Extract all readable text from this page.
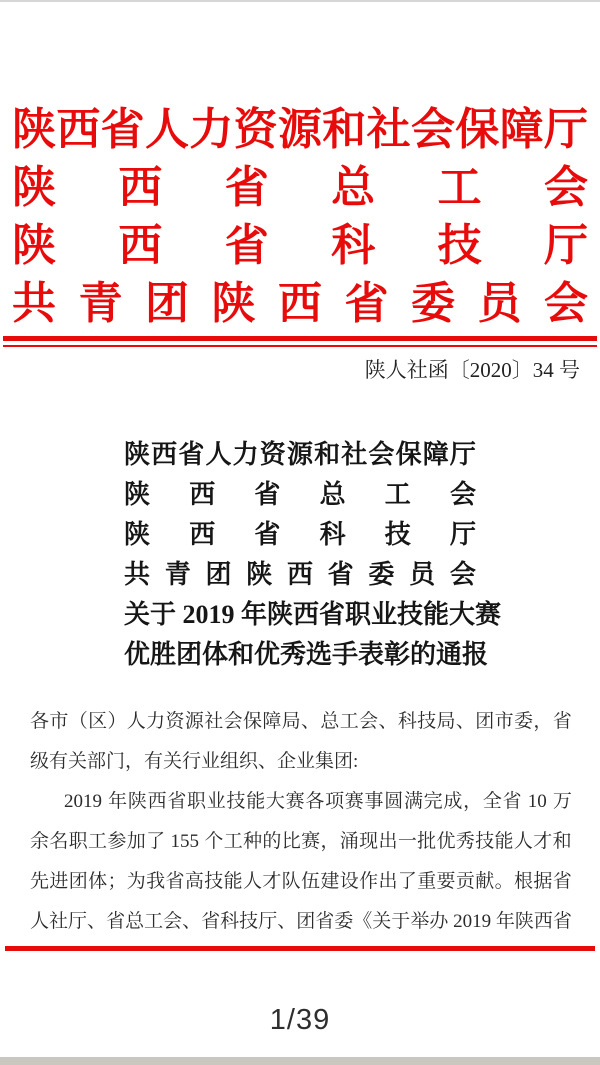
陕 西 省 人 力 资 源 和 社 会 保 障 厅
陕 西 省 总 工 会
陕 西 省 科 技 厅
共 青 团 陕 西 省 委 员 会
陕人社函〔2020〕34 号
陕 西 省 人 力 资 源 和 社 会 保 障 厅
陕 西 省 总 工 会
陕 西 省 科 技 厅
共 青 团 陕 西 省 委 员 会
关于 2019 年陕西省职业技能大赛
优胜团体和优秀选手表彰的通报
各 市 （ 区 ） 人 力 资 源 社 会 保 障 局 、 总 工 会 、 科 技 局 、 团 市 委 ， 省
级有关部门，有关行业组织、企业集团:
2019
年 陕 西 省 职 业 技 能 大 赛 各 项 赛 事 圆 满 完 成 ， 全 省
10
万
余 名 职 工 参 加 了
155
个 工 种 的 比 赛 ， 涌 现 出 一 批 优 秀 技 能 人 才 和
先 进 团 体 ； 为 我 省 高 技 能 人 才 队 伍 建 设 作 出 了 重 要 贡 献 。 根 据 省
人 社 厅 、 省 总 工 会 、 省 科 技 厅 、 团 省 委 《 关 于 举 办
2019
年 陕 西 省
1/39
